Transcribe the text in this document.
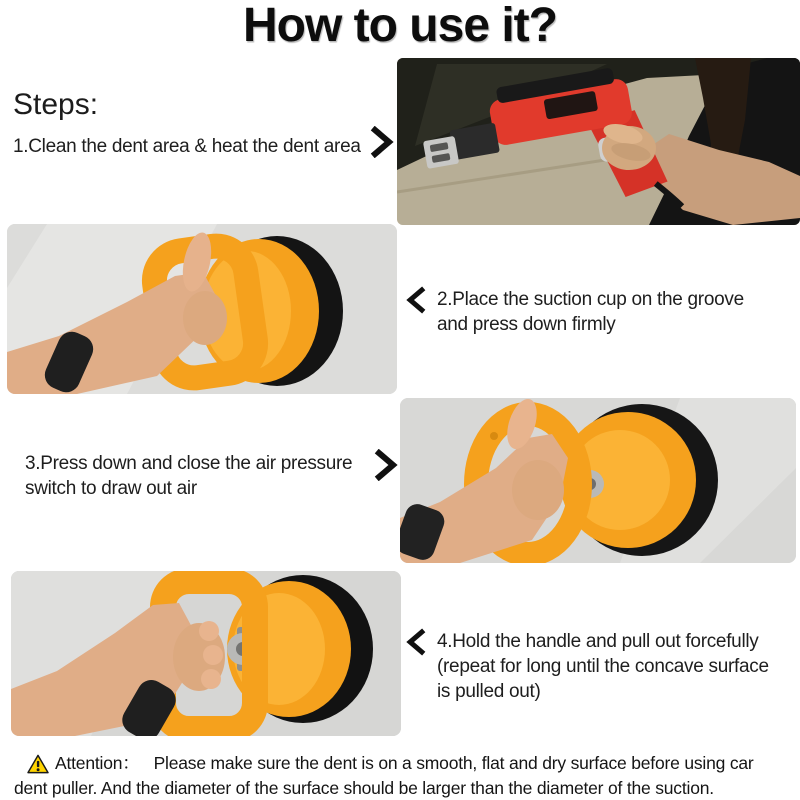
How to use it?
Steps:
1.Clean the dent area & heat the dent area
2.Place the suction cup on the groove
and press down firmly
3.Press down and close the air pressure
switch to draw out air
4.Hold the handle and pull out forcefully
(repeat for long until the concave surface
is pulled out)
Attention： Please make sure the dent is on a smooth, flat and dry surface before using car
dent puller. And the diameter of the surface should be larger than the diameter of the suction.
